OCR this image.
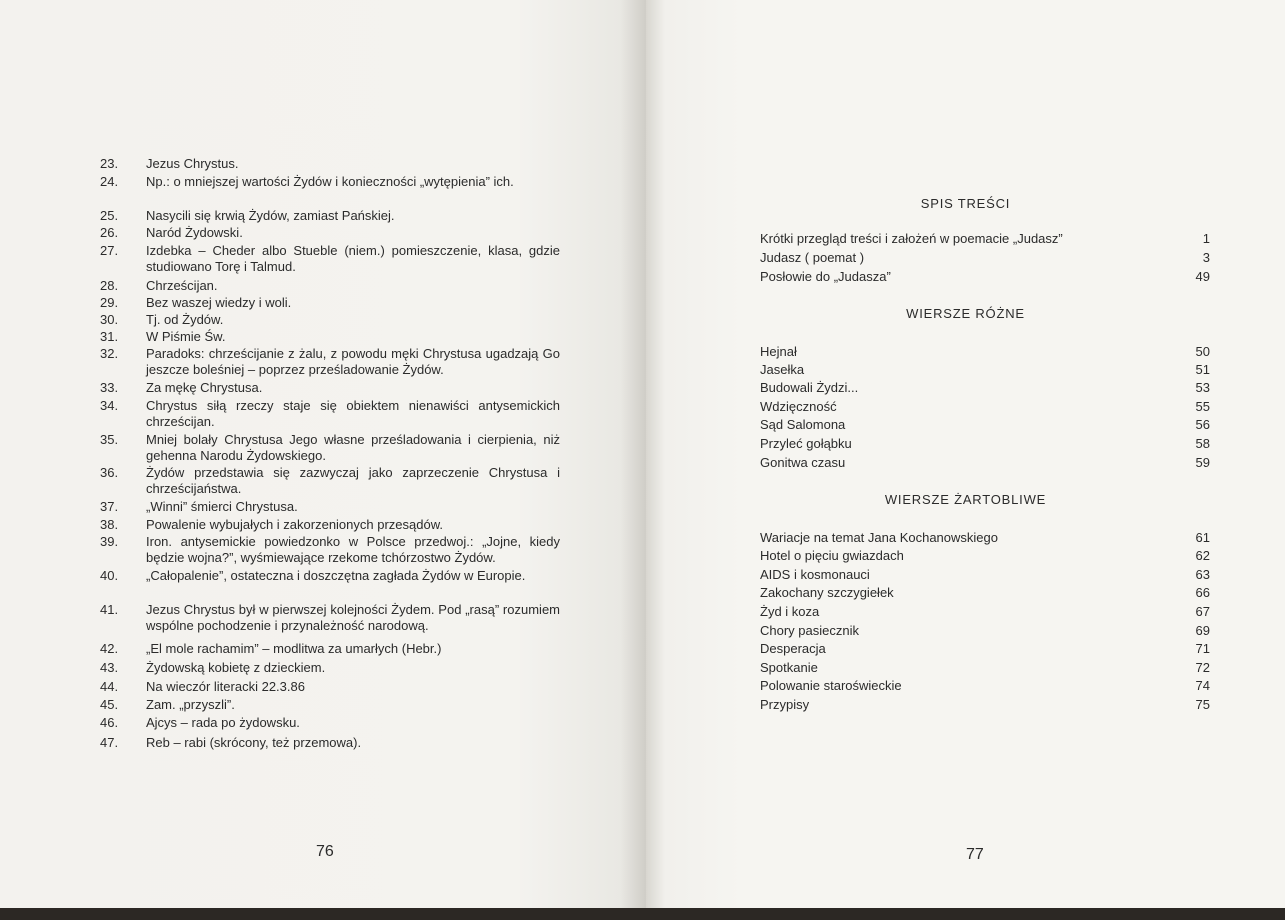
23.	Jezus Chrystus.
24.	Np.: o mniejszej wartości Żydów i konieczności „wytępienia” ich.
25.	Nasycili się krwią Żydów, zamiast Pańskiej.
26.	Naród Żydowski.
27.	Izdebka – Cheder albo Stueble (niem.) pomieszczenie, klasa, gdzie studiowano Torę i Talmud.
28.	Chrześcijan.
29.	Bez waszej wiedzy i woli.
30.	Tj. od Żydów.
31.	W Piśmie Św.
32.	Paradoks: chrześcijanie z żalu, z powodu męki Chrystusa ugadzają Go jeszcze boleśniej – poprzez prześladowanie Żydów.
33.	Za mękę Chrystusa.
34.	Chrystus siłą rzeczy staje się obiektem nienawiści antysemickich chrześcijan.
35.	Mniej bolały Chrystusa Jego własne prześladowania i cierpienia, niż gehenna Narodu Żydowskiego.
36.	Żydów przedstawia się zazwyczaj jako zaprzeczenie Chrystusa i chrześcijaństwa.
37.	„Winni” śmierci Chrystusa.
38.	Powalenie wybujałych i zakorzenionych przesądów.
39.	Iron. antysemickie powiedzonko w Polsce przedwoj.: „Jojne, kiedy będzie wojna?”, wyśmiewające rzekome tchórzostwo Żydów.
40.	„Całopalenie”, ostateczna i doszczętna zagłada Żydów w Europie.
41.	Jezus Chrystus był w pierwszej kolejności Żydem. Pod „rasą” rozumiem wspólne pochodzenie i przynależność narodową.
42.	„El mole rachamim” – modlitwa za umarłych (Hebr.)
43.	Żydowską kobietę z dzieckiem.
44.	Na wieczór literacki 22.3.86
45.	Zam. „przyszli”.
46.	Ajcys – rada po żydowsku.
47.	Reb – rabi (skrócony, też przemowa).
76
SPIS TREŚCI
Krótki przegląd treści i założeń w poemacie „Judasz”	1
Judasz ( poemat )	3
Posłowie do „Judasza”	49
WIERSZE RÓŻNE
Hejnał	50
Jasełka	51
Budowali Żydzi...	53
Wdzięczność	55
Sąd Salomona	56
Przyleć gołąbku	58
Gonitwa czasu	59
WIERSZE ŻARTOBLIWE
Wariacje na temat Jana Kochanowskiego	61
Hotel o pięciu gwiazdach	62
AIDS i kosmonauci	63
Zakochany szczygiełek	66
Żyd i koza	67
Chory pasiecznik	69
Desperacja	71
Spotkanie	72
Polowanie staroświeckie	74
Przypisy	75
77
